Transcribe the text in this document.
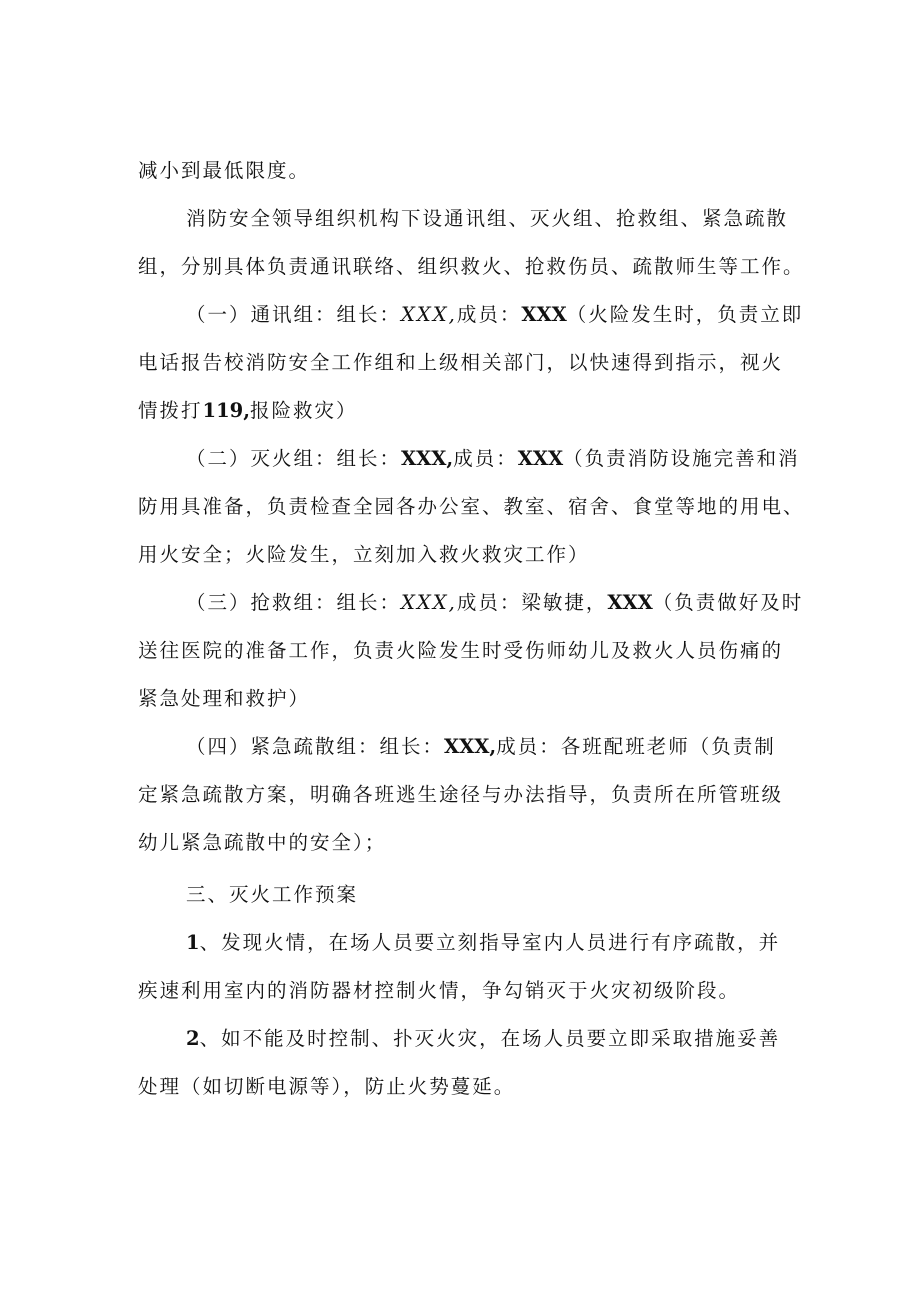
减小到最低限度。
消防安全领导组织机构下设通讯组、灭火组、抢救组、紧急疏散
组，分别具体负责通讯联络、组织救火、抢救伤员、疏散师生等工作。
（一）通讯组：组长：XXX,成员：XXX（火险发生时，负责立即
电话报告校消防安全工作组和上级相关部门，以快速得到指示，视火
情拨打119,报险救灾）
（二）灭火组：组长：XXX,成员：XXX（负责消防设施完善和消
防用具准备，负责检查全园各办公室、教室、宿舍、食堂等地的用电、
用火安全；火险发生，立刻加入救火救灾工作）
（三）抢救组：组长：XXX,成员：梁敏捷，XXX（负责做好及时
送往医院的准备工作，负责火险发生时受伤师幼儿及救火人员伤痛的
紧急处理和救护）
（四）紧急疏散组：组长：XXX,成员：各班配班老师（负责制
定紧急疏散方案，明确各班逃生途径与办法指导，负责所在所管班级
幼儿紧急疏散中的安全）；
三、灭火工作预案
1、发现火情，在场人员要立刻指导室内人员进行有序疏散，并
疾速利用室内的消防器材控制火情，争勾销灭于火灾初级阶段。
2、如不能及时控制、扑灭火灾，在场人员要立即采取措施妥善
处理（如切断电源等），防止火势蔓延。
